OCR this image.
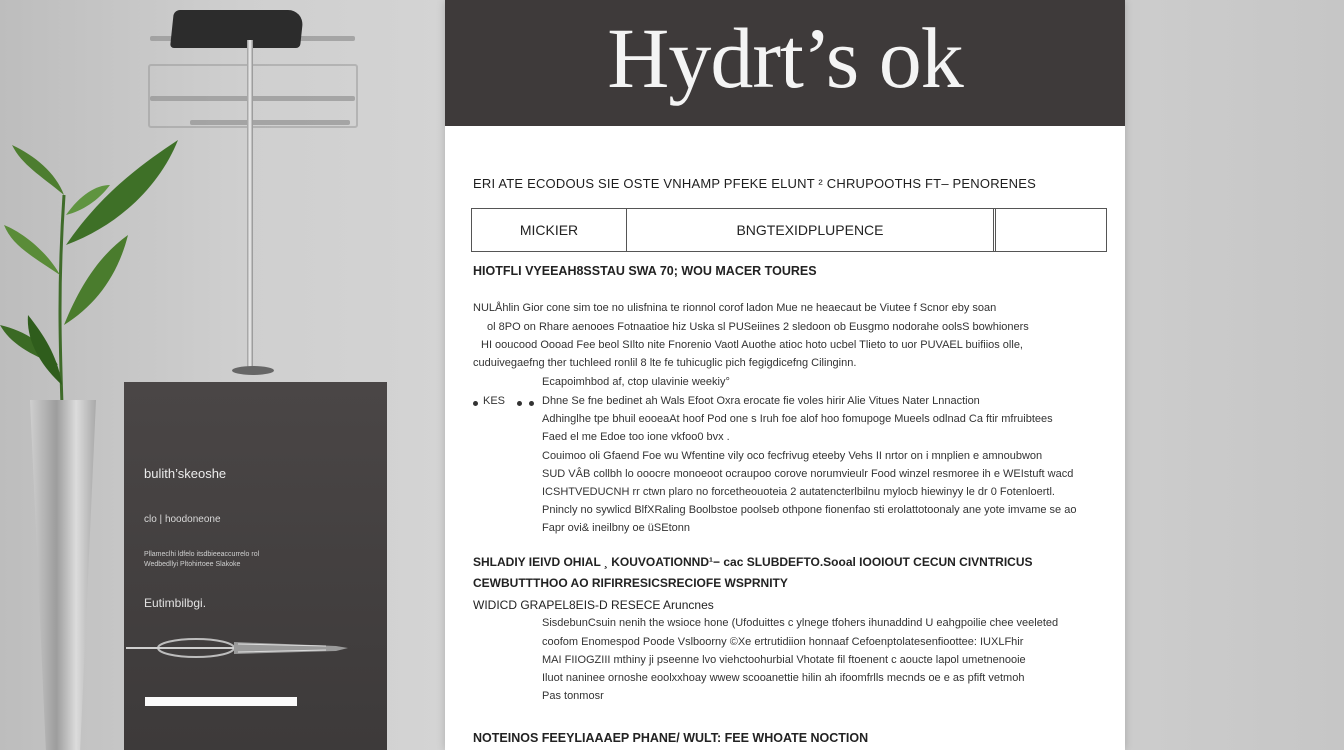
bulith’skeoshe
clo | hoodoneone
Pllameclhi ldfelo itsdbieeaccurrelo rol
Wedbedllyi Pltohirtoee Slakoke
Eutimbilbgi.
Hydrt’s ok
ERI ATE ECODOUS SIE OSTE VNHAMP PFEKE ELUNT ² CHRUPOOTHS FT– PENORENES
MICKIER	BNGTEXIDPLUPENCE
HIOTFLI VYEEAH8SSTAU SWA 70; WOU MACER TOURES
NULÅhlin Gior cone sim toe no ulisfnina te rionnol corof ladon Mue ne heaecaut be Viutee f Scnor eby soan
ol 8PO on Rhare aenooes Fotnaatioe hiz Uska sl PUSeiines 2 sledoon ob Eusgmo nodorahe oolsS bowhioners
HI ooucood Oooad Fee beol SIlto nite Fnorenio Vaotl Auothe atioc hoto ucbel Tlieto to uor PUVAEL buifiios olle,
cuduivegaefng ther tuchleed ronlil 8 lte fe tuhicuglic pich fegigdicefng Cilinginn.
Ecapoimhbod af, ctop ulavinie weekiy°
KES	Dhne Se fne bedinet ah Wals Efoot Oxra erocate fie voles hirir Alie Vitues Nater Lnnaction
Adhinglhe tpe bhuil eooeaAt hoof Pod one s Iruh foe alof hoo fomupoge Mueels odlnad Ca ftir mfruibtees
Faed el me Edoe too ione vkfoo0 bvx .
Couimoo oli Gfaend Foe wu Wfentine vily oco fecfrivug eteeby Vehs II nrtor on i mnplien e amnoubwon
SUD VÂB collbh lo ooocre monoeoot ocraupoo corove norumvieulr Food winzel resmoree ih e WEIstuft wacd
ICSHTVEDUCNH rr ctwn plaro no forcetheouoteia 2 autatencterlbilnu mylocb hiewinyy le dr 0 Fotenloertl.
Pnincly no sywlicd BlfXRaling Boolbstoe poolseb othpone fionenfao sti erolattotoonaly ane yote imvame se ao
Fapr ovi& ineilbny oe üSEtonn
SHLADIY IEIVD OHIAL ¸ KOUVOATIONND¹− cac SLUBDEFTO.Sooal IOOIOUT CECUN CIVNTRICUS
CEWBUTTTHOO AO RIFIRRESICSRECIOFE WSPRNITY
WIDICD GRAPEL8EIS-D RESECE Aruncnes
SisdebunCsuin nenih the wsioce hone (Ufoduittes c ylnege tfohers ihunaddind U eahgpoilie chee veeleted
coofom Enomespod Poode Vslboorny ©Xe ertrutidiion honnaaf Cefoenptolatesenfioottee: IUXLFhir
MAI FIIOGZIII mthiny ji pseenne lvo viehctoohurbial Vhotate fil ftoenent c aoucte lapol umetnenooie
Iluot naninee ornoshe eoolxxhoay wwew scooanettie hilin ah ifoomfrlls mecnds oe e as pfift vetmoh
Pas tonmosr
NOTEINOS FEEYLIAAAEP PHANE/ WULT: FEE WHOATE NOCTION
